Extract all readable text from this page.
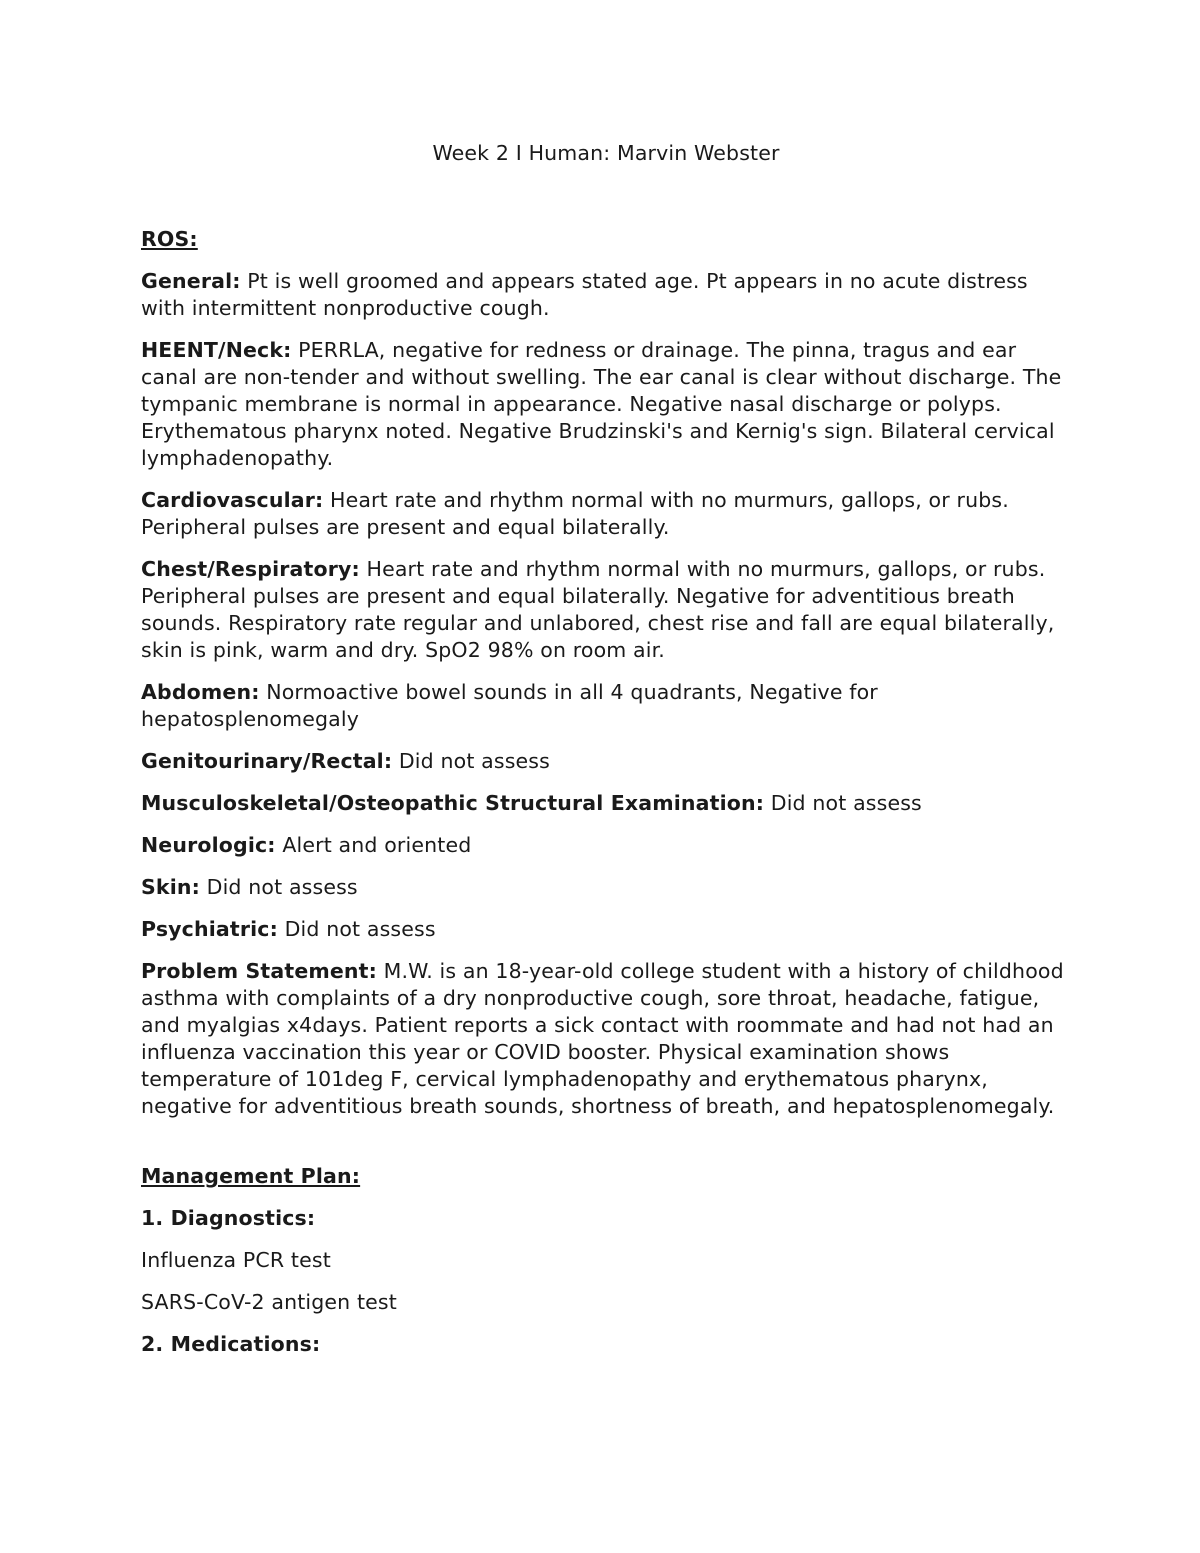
Week 2 I Human: Marvin Webster

ROS:

General: Pt is well groomed and appears stated age. Pt appears in no acute distress with intermittent nonproductive cough.

HEENT/Neck: PERRLA, negative for redness or drainage. The pinna, tragus and ear canal are non-tender and without swelling. The ear canal is clear without discharge. The tympanic membrane is normal in appearance. Negative nasal discharge or polyps. Erythematous pharynx noted. Negative Brudzinski's and Kernig's sign. Bilateral cervical lymphadenopathy.

Cardiovascular: Heart rate and rhythm normal with no murmurs, gallops, or rubs. Peripheral pulses are present and equal bilaterally.

Chest/Respiratory: Heart rate and rhythm normal with no murmurs, gallops, or rubs. Peripheral pulses are present and equal bilaterally. Negative for adventitious breath sounds. Respiratory rate regular and unlabored, chest rise and fall are equal bilaterally, skin is pink, warm and dry. SpO2 98% on room air.

Abdomen: Normoactive bowel sounds in all 4 quadrants, Negative for hepatosplenomegaly

Genitourinary/Rectal: Did not assess

Musculoskeletal/Osteopathic Structural Examination: Did not assess

Neurologic: Alert and oriented

Skin: Did not assess

Psychiatric: Did not assess

Problem Statement: M.W. is an 18-year-old college student with a history of childhood asthma with complaints of a dry nonproductive cough, sore throat, headache, fatigue, and myalgias x4days. Patient reports a sick contact with roommate and had not had an influenza vaccination this year or COVID booster. Physical examination shows temperature of 101deg F, cervical lymphadenopathy and erythematous pharynx, negative for adventitious breath sounds, shortness of breath, and hepatosplenomegaly.

Management Plan:

1. Diagnostics:

Influenza PCR test

SARS-CoV-2 antigen test

2. Medications:
